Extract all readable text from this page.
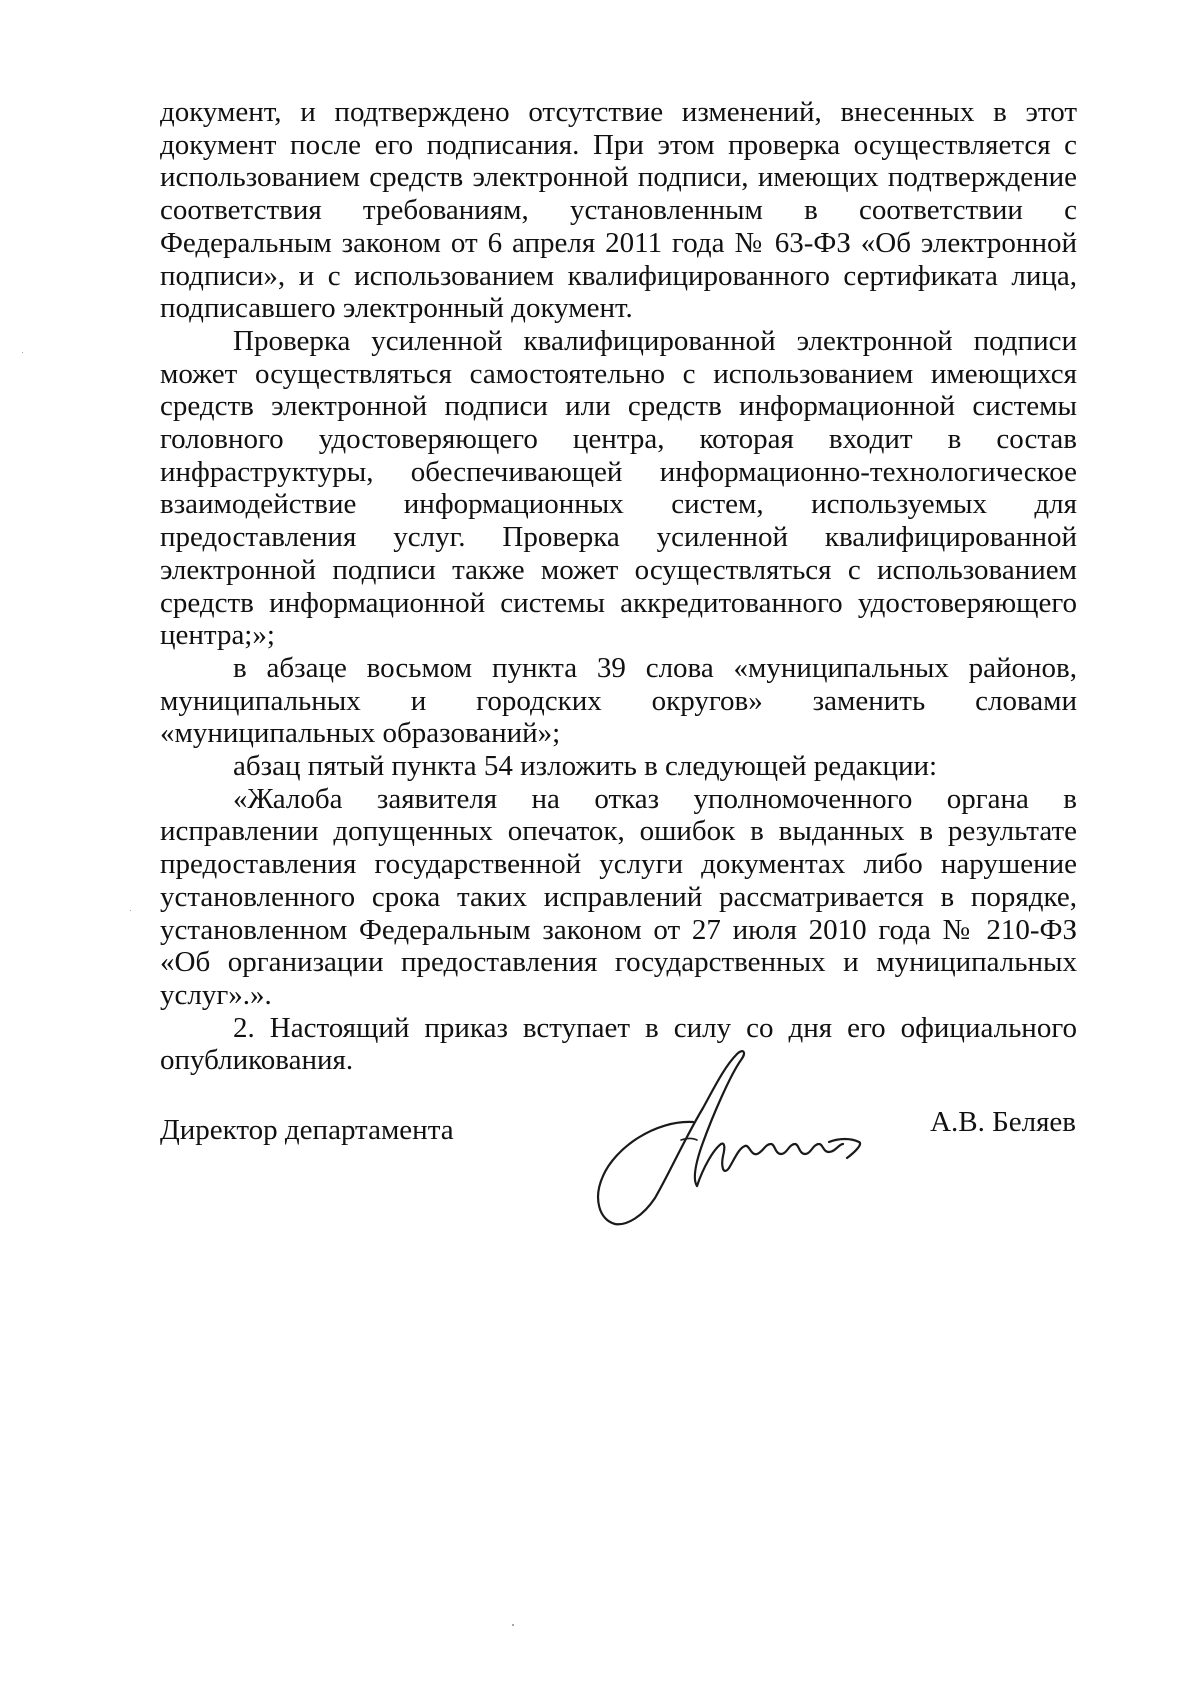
документ, и подтверждено отсутствие изменений, внесенных в этот документ после его подписания. При этом проверка осуществляется с использованием средств электронной подписи, имеющих подтверждение соответствия требованиям, установленным в соответствии с Федеральным законом от 6 апреля 2011 года № 63-ФЗ «Об электронной подписи», и с использованием квалифицированного сертификата лица, подписавшего электронный документ.

Проверка усиленной квалифицированной электронной подписи может осуществляться самостоятельно с использованием имеющихся средств электронной подписи или средств информационной системы головного удостоверяющего центра, которая входит в состав инфраструктуры, обеспечивающей информационно-технологическое взаимодействие информационных систем, используемых для предоставления услуг. Проверка усиленной квалифицированной электронной подписи также может осуществляться с использованием средств информационной системы аккредитованного удостоверяющего центра;»;

в абзаце восьмом пункта 39 слова «муниципальных районов, муниципальных и городских округов» заменить словами «муниципальных образований»;

абзац пятый пункта 54 изложить в следующей редакции:

«Жалоба заявителя на отказ уполномоченного органа в исправлении допущенных опечаток, ошибок в выданных в результате предоставления государственной услуги документах либо нарушение установленного срока таких исправлений рассматривается в порядке, установленном Федеральным законом от 27 июля 2010 года № 210-ФЗ «Об организации предоставления государственных и муниципальных услуг».».

2. Настоящий приказ вступает в силу со дня его официального опубликования.

Директор департамента	А.В. Беляев
